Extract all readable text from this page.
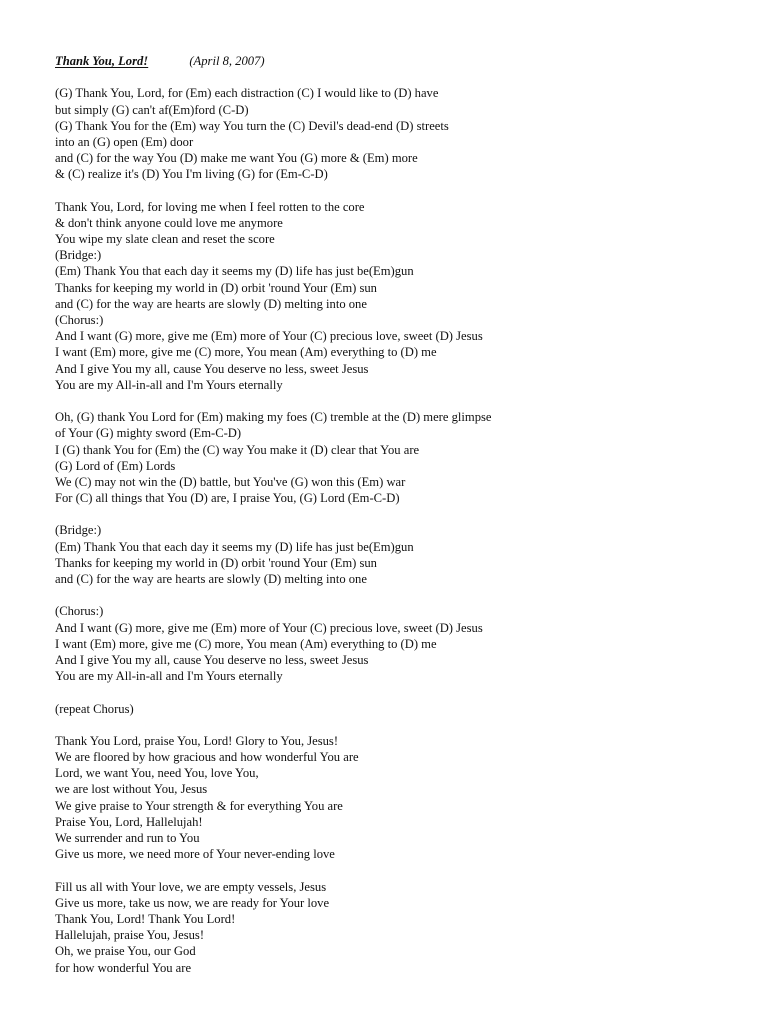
Thank You, Lord!	(April 8, 2007)
(G) Thank You, Lord, for (Em) each distraction (C) I would like to (D) have
but simply (G) can't af(Em)ford (C-D)
(G) Thank You for the (Em) way You turn the (C) Devil's dead-end (D) streets
into an (G) open (Em) door
and (C) for the way You (D) make me want You (G) more & (Em) more
& (C) realize it's (D) You I'm living (G) for (Em-C-D)
Thank You, Lord, for loving me when I feel rotten to the core
& don't think anyone could love me anymore
You wipe my slate clean and reset the score
(Bridge:)
(Em) Thank You that each day it seems my (D) life has just be(Em)gun
Thanks for keeping my world in (D) orbit 'round Your (Em) sun
and (C) for the way are hearts are slowly (D) melting into one
(Chorus:)
And I want (G) more, give me (Em) more of Your (C) precious love, sweet (D) Jesus
I want (Em) more, give me (C) more, You mean (Am) everything to (D) me
And I give You my all, cause You deserve no less, sweet Jesus
You are my All-in-all and I'm Yours eternally
Oh, (G) thank You Lord for (Em) making my foes (C) tremble at the (D) mere glimpse
of Your (G) mighty sword (Em-C-D)
I (G) thank You for (Em) the (C) way You make it (D) clear that You are
(G) Lord of (Em) Lords
We (C) may not win the (D) battle, but You've (G) won this (Em) war
For (C) all things that You (D) are, I praise You, (G) Lord (Em-C-D)
(Bridge:)
(Em) Thank You that each day it seems my (D) life has just be(Em)gun
Thanks for keeping my world in (D) orbit 'round Your (Em) sun
and (C) for the way are hearts are slowly (D) melting into one
(Chorus:)
And I want (G) more, give me (Em) more of Your (C) precious love, sweet (D) Jesus
I want (Em) more, give me (C) more, You mean (Am) everything to (D) me
And I give You my all, cause You deserve no less, sweet Jesus
You are my All-in-all and I'm Yours eternally
(repeat Chorus)
Thank You Lord, praise You, Lord! Glory to You, Jesus!
We are floored by how gracious and how wonderful You are
Lord, we want You, need You, love You,
we are lost without You, Jesus
We give praise to Your strength & for everything You are
Praise You, Lord, Hallelujah!
We surrender and run to You
Give us more, we need more of Your never-ending love
Fill us all with Your love, we are empty vessels, Jesus
Give us more, take us now, we are ready for Your love
Thank You, Lord! Thank You Lord!
Hallelujah, praise You, Jesus!
Oh, we praise You, our God
for how wonderful You are
